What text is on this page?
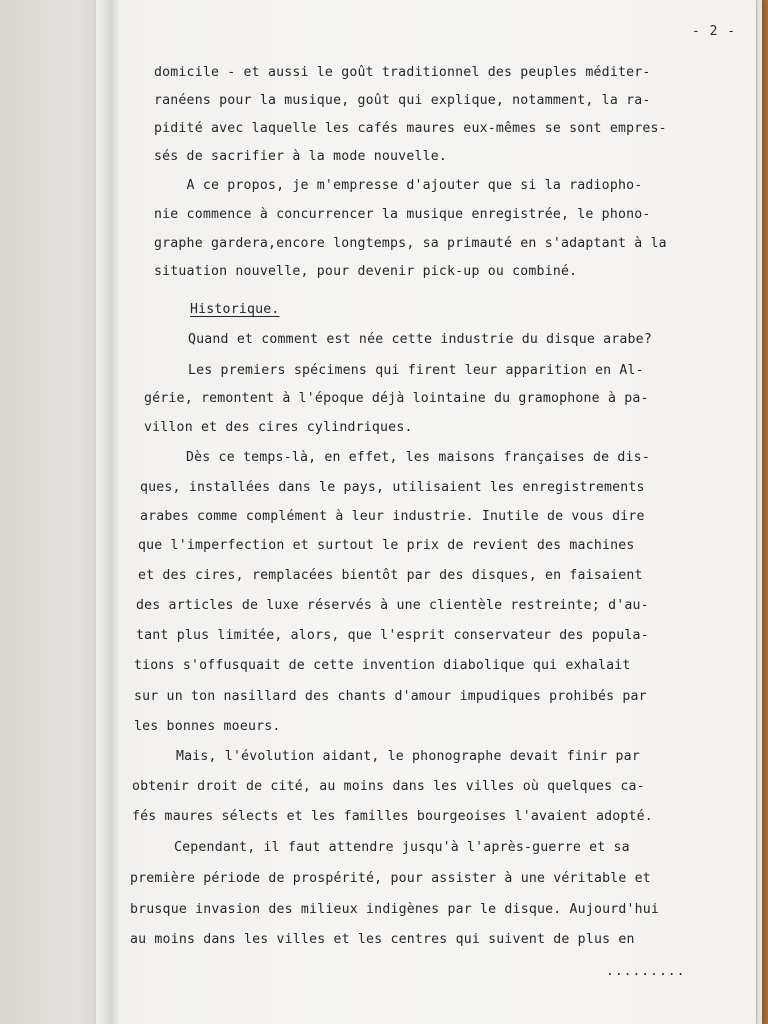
- 2 -
domicile - et aussi le goût traditionnel des peuples méditer-
ranéens pour la musique, goût qui explique, notamment, la ra-
pidité avec laquelle les cafés maures eux-mêmes se sont empres-
sés de sacrifier à la mode nouvelle.
A ce propos, je m'empresse d'ajouter que si la radiopho-
nie commence à concurrencer la musique enregistrée, le phono-
graphe gardera,encore longtemps, sa primauté en s'adaptant à la
situation nouvelle, pour devenir pick-up ou combiné.
Historique.
Quand et comment est née cette industrie du disque arabe?
Les premiers spécimens qui firent leur apparition en Al-
gérie, remontent à l'époque déjà lointaine du gramophone à pa-
villon et des cires cylindriques.
Dès ce temps-là, en effet, les maisons françaises de dis-
ques, installées dans le pays, utilisaient les enregistrements
arabes comme complément à leur industrie. Inutile de vous dire
que l'imperfection et surtout le prix de revient des machines
et des cires, remplacées bientôt par des disques, en faisaient
des articles de luxe réservés à une clientèle restreinte; d'au-
tant plus limitée, alors, que l'esprit conservateur des popula-
tions s'offusquait de cette invention diabolique qui exhalait
sur un ton nasillard des chants d'amour impudiques prohibés par
les bonnes moeurs.
Mais, l'évolution aidant, le phonographe devait finir par
obtenir droit de cité, au moins dans les villes où quelques ca-
fés maures sélects et les familles bourgeoises l'avaient adopté.
Cependant, il faut attendre jusqu'à l'après-guerre et sa
première période de prospérité, pour assister à une véritable et
brusque invasion des milieux indigènes par le disque. Aujourd'hui
au moins dans les villes et les centres qui suivent de plus en
.........
